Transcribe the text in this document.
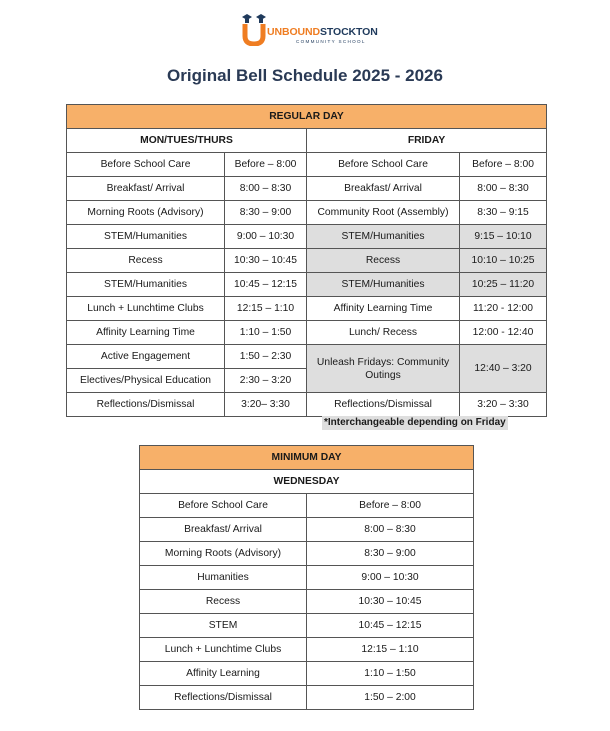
UNBOUNDSTOCKTON
COMMUNITY SCHOOL
Original Bell Schedule 2025 - 2026
REGULAR DAY			
MON/TUES/THURS		FRIDAY	
Before School Care	Before – 8:00	Before School Care	Before – 8:00
Breakfast/ Arrival	8:00 – 8:30	Breakfast/ Arrival	8:00 – 8:30
Morning Roots (Advisory)	8:30 – 9:00	Community Root (Assembly)	8:30 – 9:15
STEM/Humanities	9:00 – 10:30	STEM/Humanities	9:15 – 10:10
Recess	10:30 – 10:45	Recess	10:10 – 10:25
STEM/Humanities	10:45 – 12:15	STEM/Humanities	10:25 – 11:20
Lunch + Lunchtime Clubs	12:15 – 1:10	Affinity Learning Time	11:20 - 12:00
Affinity Learning Time	1:10 – 1:50	Lunch/ Recess	12:00 - 12:40
Active Engagement	1:50 – 2:30	Unleash Fridays: Community Outings	12:40 – 3:20
Electives/Physical Education	2:30 – 3:20		
Reflections/Dismissal	3:20– 3:30	Reflections/Dismissal	3:20 – 3:30
*Interchangeable depending on Friday
MINIMUM DAY	
WEDNESDAY	
Before School Care	Before – 8:00
Breakfast/ Arrival	8:00 – 8:30
Morning Roots (Advisory)	8:30 – 9:00
Humanities	9:00 – 10:30
Recess	10:30 – 10:45
STEM	10:45 – 12:15
Lunch + Lunchtime Clubs	12:15 – 1:10
Affinity Learning	1:10 – 1:50
Reflections/Dismissal	1:50 – 2:00
